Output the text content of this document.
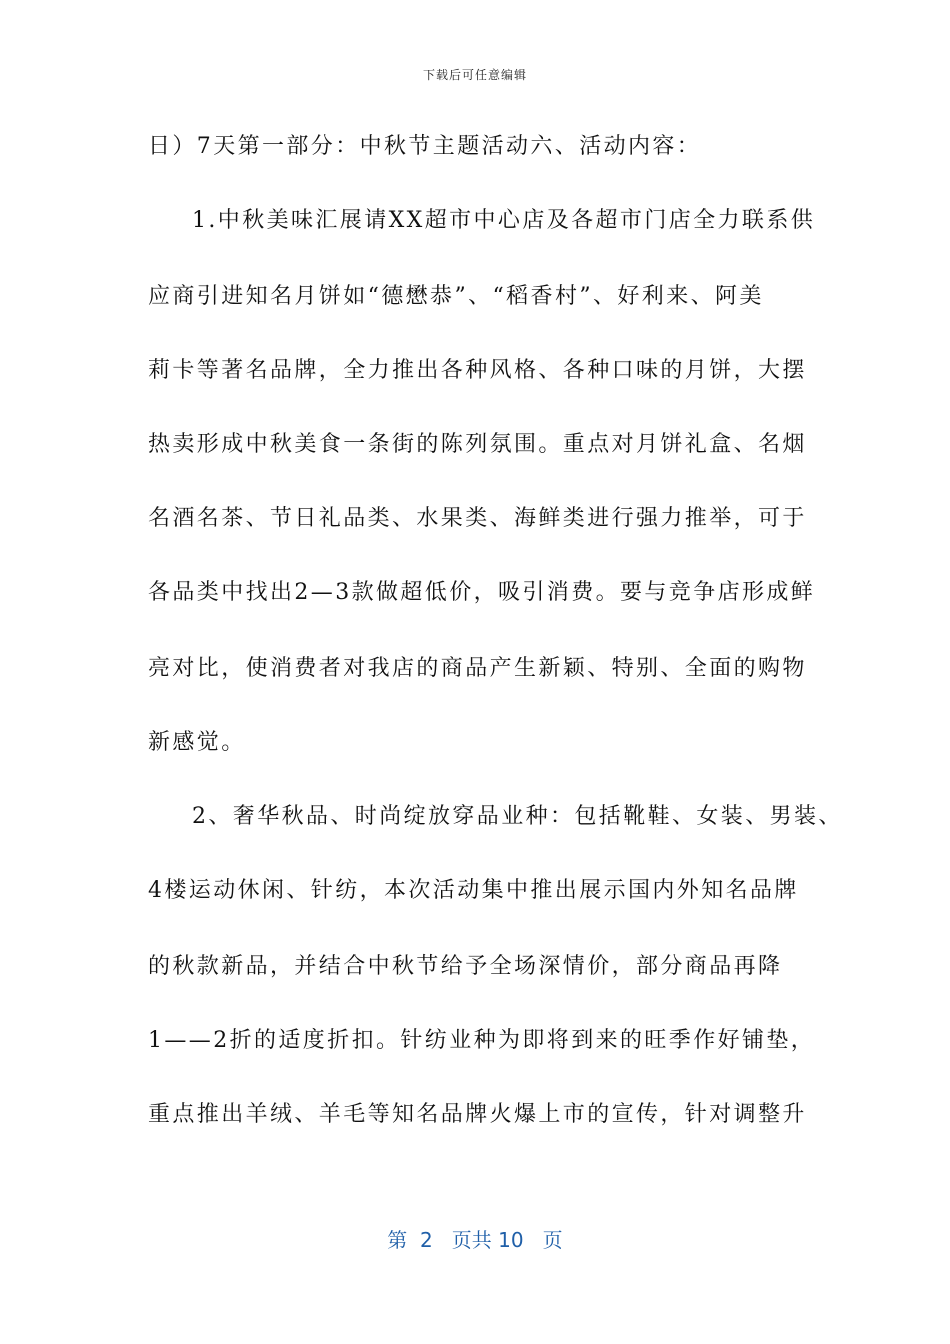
下载后可任意编辑
日）7天第一部分：中秋节主题活动六、活动内容：
1.中秋美味汇展请XX超市中心店及各超市门店全力联系供
应商引进知名月饼如“德懋恭”、“稻香村”、好利来、阿美
莉卡等著名品牌，全力推出各种风格、各种口味的月饼，大摆
热卖形成中秋美食一条街的陈列氛围。重点对月饼礼盒、名烟
名酒名茶、节日礼品类、水果类、海鲜类进行强力推举，可于
各品类中找出2—3款做超低价，吸引消费。要与竞争店形成鲜
亮对比，使消费者对我店的商品产生新颖、特别、全面的购物
新感觉。
2、奢华秋品、时尚绽放穿品业种：包括靴鞋、女装、男装、
4楼运动休闲、针纺，本次活动集中推出展示国内外知名品牌
的秋款新品，并结合中秋节给予全场深情价，部分商品再降
1——2折的适度折扣。针纺业种为即将到来的旺季作好铺垫，
重点推出羊绒、羊毛等知名品牌火爆上市的宣传，针对调整升
第  2   页共 10   页
